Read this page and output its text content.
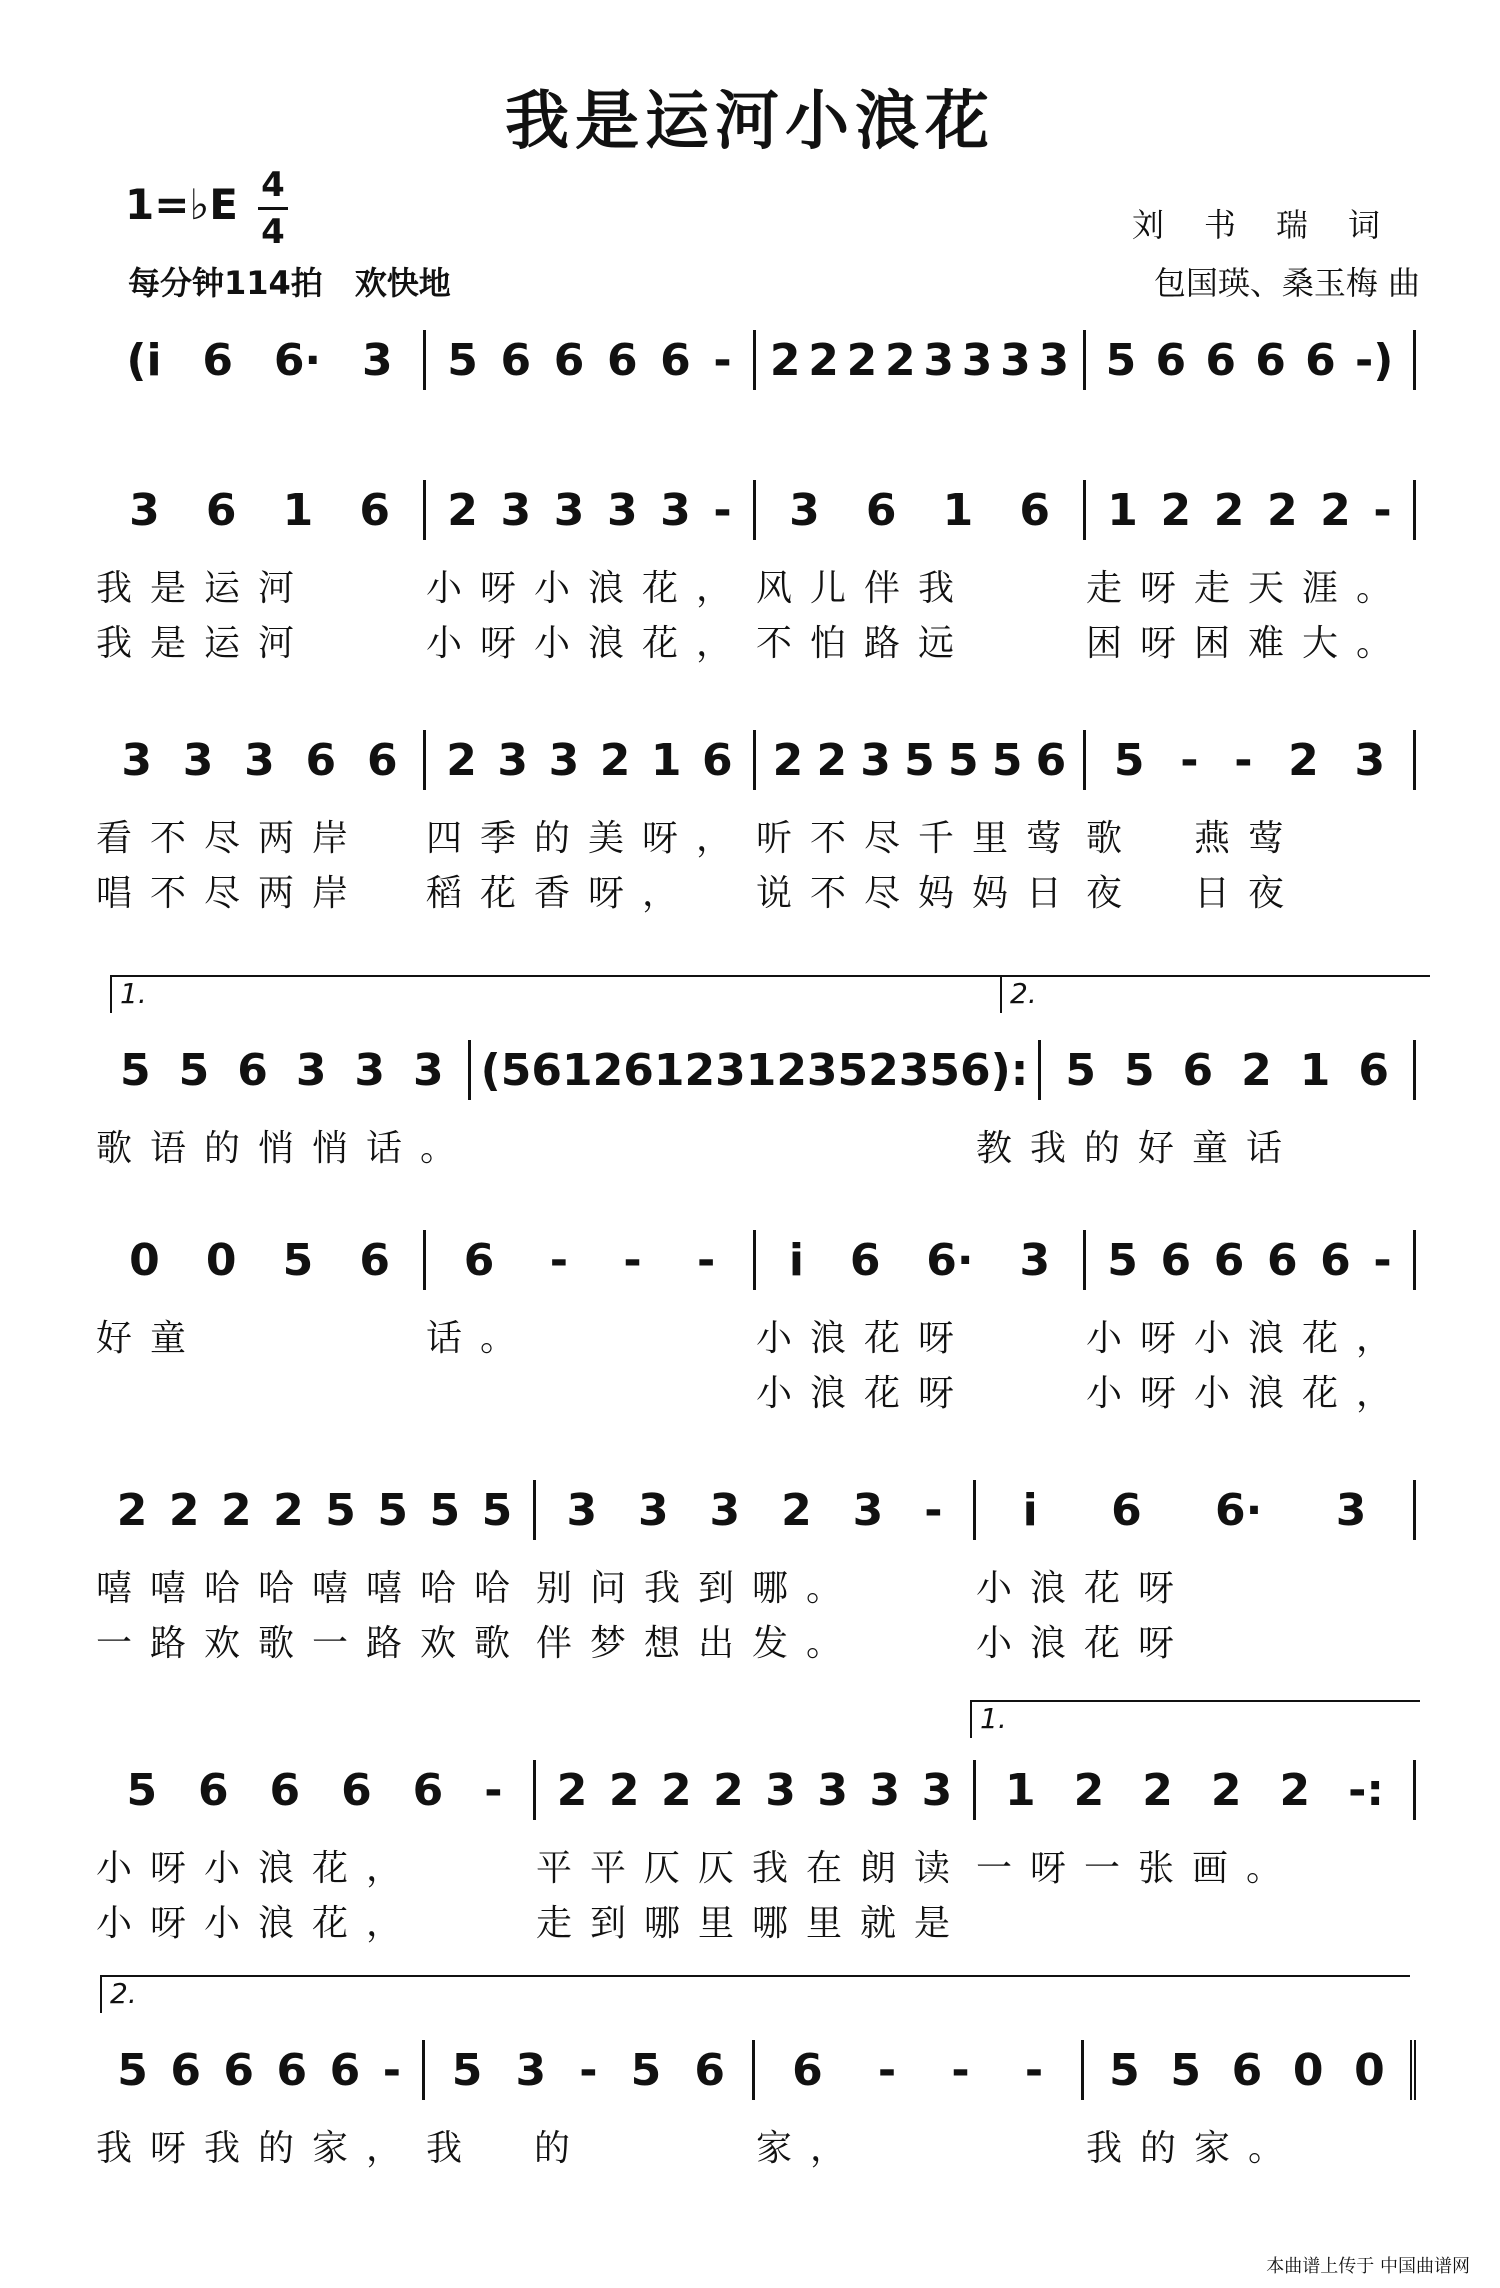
我是运河小浪花
1=♭E 4
4
每分钟114拍　欢快地
刘书瑞词
包国瑛、桑玉梅 曲
(i 6 6· 3 5 6 6 6 6 - 2 2 2 2 3 3 3 3 5 6 6 6 6 -)
3 6 1 6 2 3 3 3 3 - 3 6 1 6 1 2 2 2 2 -
我是运河	小呀小浪花， 风儿伴我	走呀走天涯。
我是运河	小呀小浪花， 不怕路远	困呀困难大。
3 3 3 6 6 2 3 3 2 1 6 2 2 3 5 5 5 6 5 - - 2 3
看不尽两岸	四季的美呀， 听不尽千里莺 歌　燕莺
唱不尽两岸	稻花香呀，	说不尽妈妈日 夜　日夜
5 5 6 3 3 3 (5612 6123 1235 2356): 5 5 6 2 1 6
歌语的悄悄话。	教我的好童话
0 0 5 6 6 - - - i 6 6· 3 5 6 6 6 6 -
好童	话。	小浪花呀	小呀小浪花，
小浪花呀	小呀小浪花，
2 2 2 2 5 5 5 5 3 3 3 2 3 - i 6 6· 3
嘻嘻哈哈嘻嘻哈哈 别问我到哪。	小浪花呀
一路欢歌一路欢歌 伴梦想出发。	小浪花呀
5 6 6 6 6 - 2 2 2 2 3 3 3 3 1 2 2 2 2 -:
小呀小浪花，	平平仄仄我在朗读 一呀一张画。
小呀小浪花，	走到哪里哪里就是
5 6 6 6 6 - 5 3 - 5 6 6 - - - 5 5 6 0 0
我呀我的家， 我　的	家，	我的家。
本曲谱上传于 中国曲谱网
1.	2.
1.
2.
